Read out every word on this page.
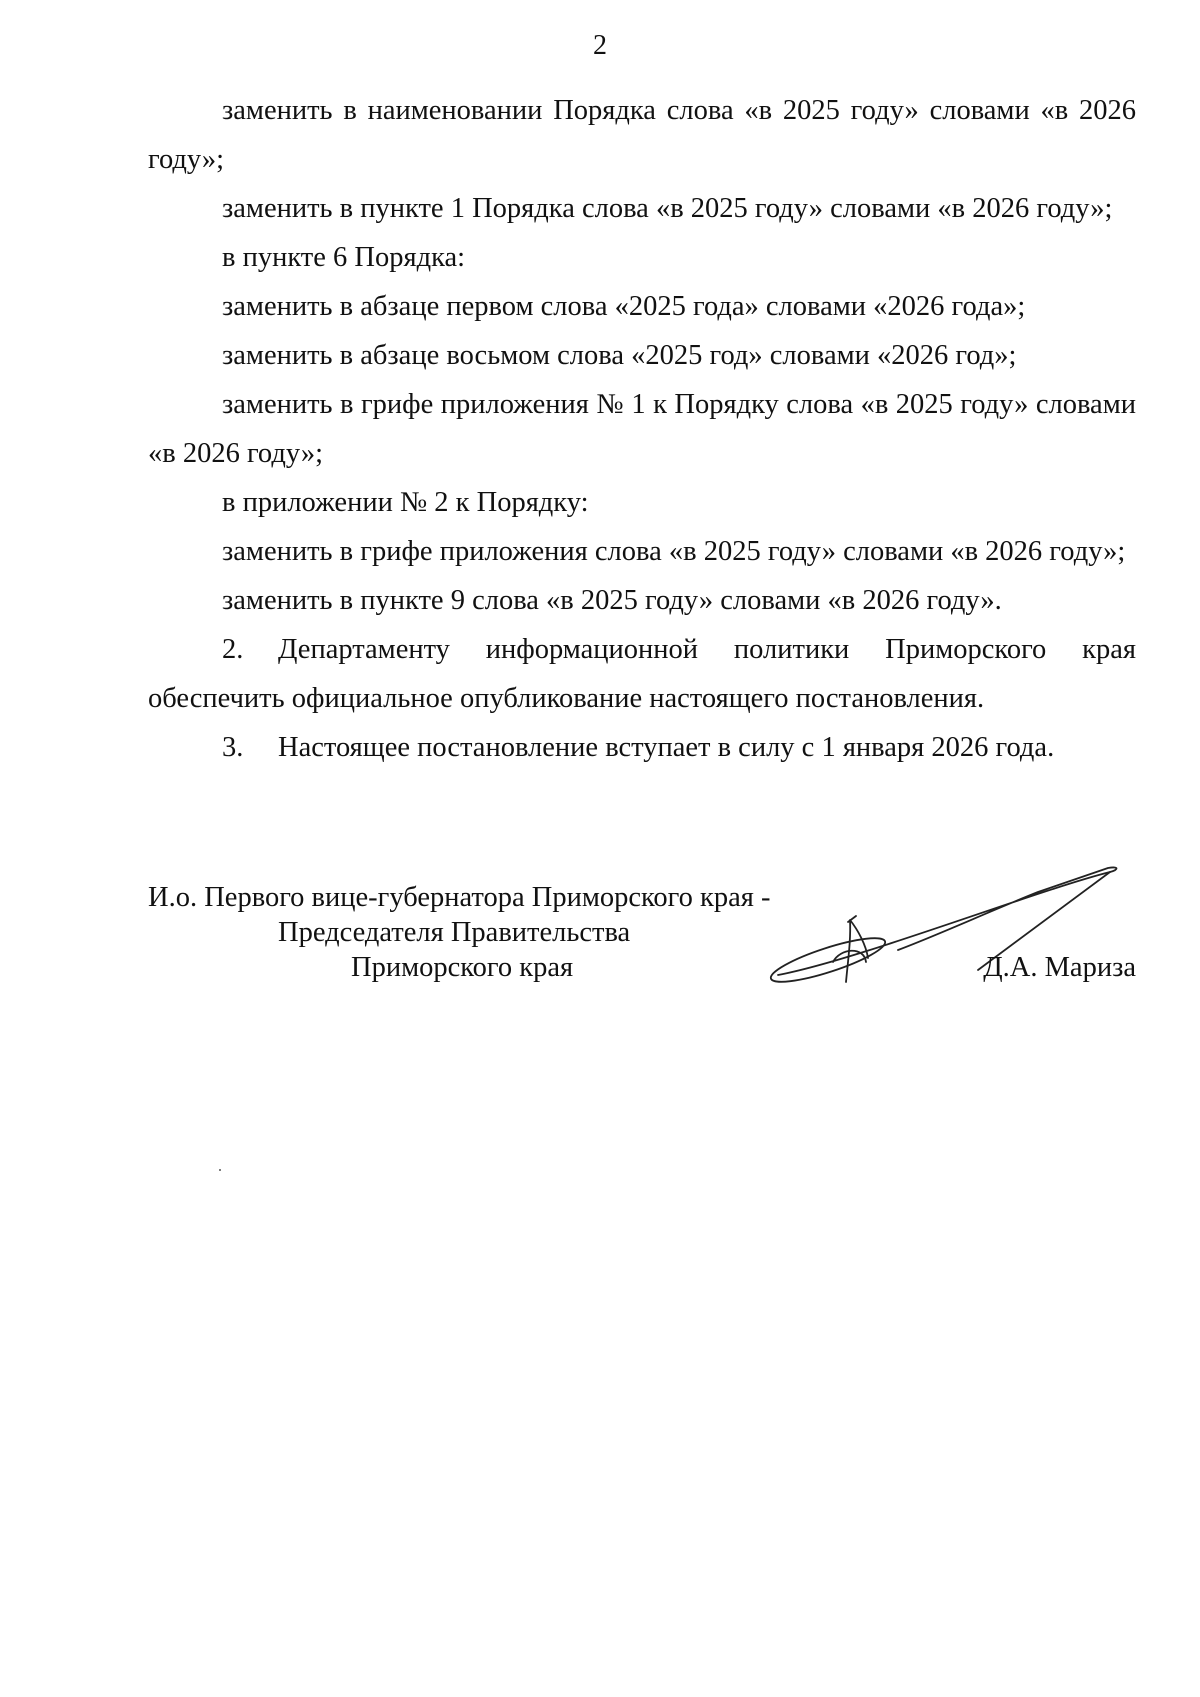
2

заменить в наименовании Порядка слова «в 2025 году» словами «в 2026 году»;

заменить в пункте 1 Порядка слова «в 2025 году» словами «в 2026 году»;

в пункте 6 Порядка:

заменить в абзаце первом слова «2025 года» словами «2026 года»;

заменить в абзаце восьмом слова «2025 год» словами «2026 год»;

заменить в грифе приложения № 1 к Порядку слова «в 2025 году» словами «в 2026 году»;

в приложении № 2 к Порядку:

заменить в грифе приложения слова «в 2025 году» словами «в 2026 году»;

заменить в пункте 9 слова «в 2025 году» словами «в 2026 году».

2. Департаменту информационной политики Приморского края обеспечить официальное опубликование настоящего постановления.

3. Настоящее постановление вступает в силу с 1 января 2026 года.

И.о. Первого вице-губернатора Приморского края -
Председателя Правительства
Приморского края	Д.А. Мариза
